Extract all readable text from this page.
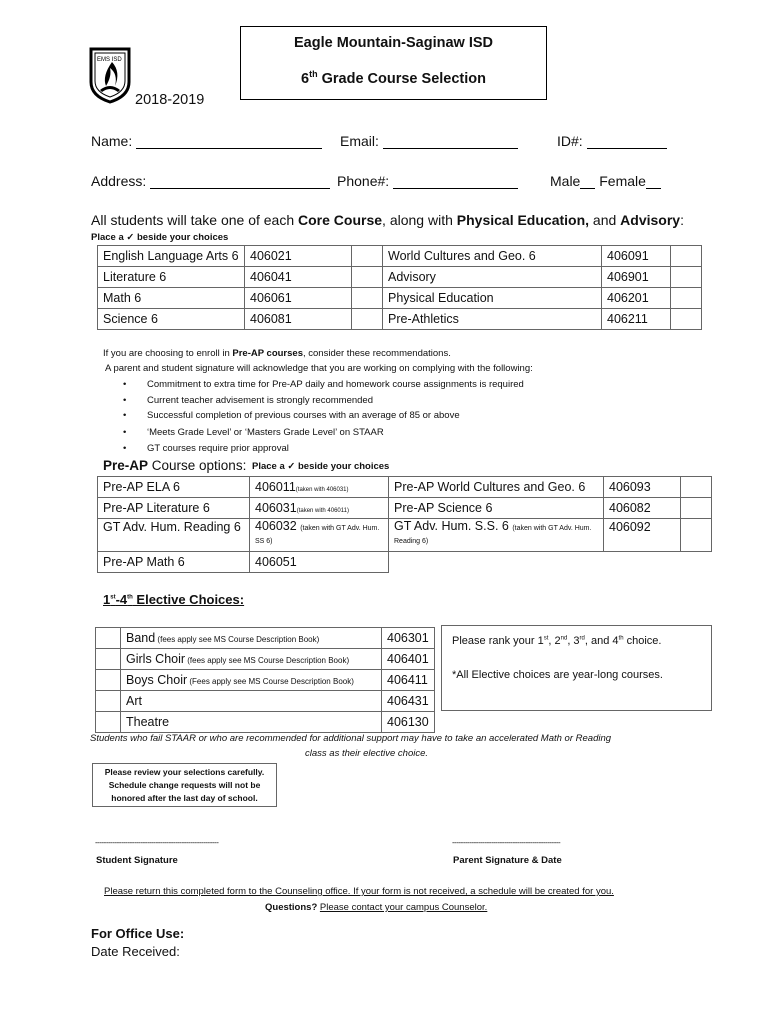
EMS ISD
Eagle Mountain-Saginaw ISD
6th Grade Course Selection
2018-2019
Name:	Email:	ID#:
Address:	Phone#:	Male Female
All students will take one of each Core Course, along with Physical Education, and Advisory:
Place a ✓ beside your choices
English Language Arts 6	406021		World Cultures and Geo. 6	406091	
Literature 6	406041		Advisory	406901	
Math 6	406061		Physical Education	406201	
Science 6	406081		Pre-Athletics	406211	
If you are choosing to enroll in Pre-AP courses, consider these recommendations.
A parent and student signature will acknowledge that you are working on complying with the following:
• Commitment to extra time for Pre-AP daily and homework course assignments is required
• Current teacher advisement is strongly recommended
• Successful completion of previous courses with an average of 85 or above
• ‘Meets Grade Level’ or ‘Masters Grade Level’ on STAAR
• GT courses require prior approval
Pre-AP Course options: Place a ✓ beside your choices
Pre-AP ELA 6	406011(taken with 406031)	Pre-AP World Cultures and Geo. 6	406093	
Pre-AP Literature 6	406031(taken with 406011)	Pre-AP Science 6	406082	
GT Adv. Hum. Reading 6	406032 (taken with GT Adv. Hum. SS 6)	GT Adv. Hum. S.S. 6 (taken with GT Adv. Hum. Reading 6)	406092	
Pre-AP Math 6	406051			
1st-4th Elective Choices:
	Band (fees apply see MS Course Description Book)	406301
	Girls Choir (fees apply see MS Course Description Book)	406401
	Boys Choir (Fees apply see MS Course Description Book)	406411
	Art	406431
	Theatre	406130
Please rank your 1st, 2nd, 3rd, and 4th choice.
*All Elective choices are year-long courses.
Students who fail STAAR or who are recommended for additional support may have to take an accelerated Math or Reading
class as their elective choice.
Please review your selections carefully.
Schedule change requests will not be
honored after the last day of school.
---------------------------------------------------------	--------------------------------------------------
Student Signature	Parent Signature & Date
Please return this completed form to the Counseling office. If your form is not received, a schedule will be created for you.
Questions? Please contact your campus Counselor.
For Office Use:
Date Received:
